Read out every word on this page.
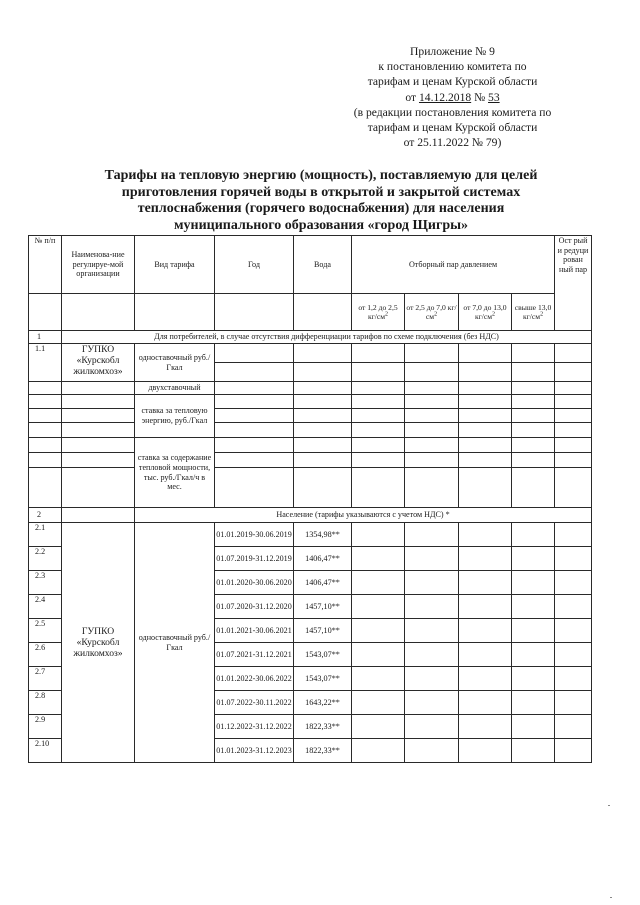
Приложение № 9
к постановлению комитета по
тарифам и ценам Курской области
от 14.12.2018 № 53
(в редакции постановления комитета по
тарифам и ценам Курской области
от 25.11.2022 № 79)
Тарифы на тепловую энергию (мощность), поставляемую для целей
приготовления горячей воды в открытой и закрытой системах
теплоснабжения (горячего водоснабжения) для населения
муниципального образования «город Щигры»
№ п/п	Наименова-ние регулируе-мой организации	Вид тарифа	Год	Вода	Отборный пар давлением				Ост рый и редуци рован ный пар
					от 1,2 до 2,5 $кг/см^2$	от 2,5 до 7,0 $кг/см^2$	от 7,0 до 13,0 $кг/см^2$	свыше 13,0 $кг/см^2$
1	Для потребителей, в случае отсутствия дифференциации тарифов по схеме подключения (без НДС)								
1.1	ГУПКО «Курскобл жилкомхоз»	одноставочный руб./Гкал							

		двухставочный							
		ставка за тепловую энергию, руб./Гкал							

		ставка за содержание тепловой мощности, тыс. руб./Гкал/ч в мес.							

2		Население (тарифы указываются с учетом НДС) *							
2.1	ГУПКО «Курскобл жилкомхоз»	одноставочный руб./Гкал	01.01.2019-30.06.2019	1354,98**					
2.2			01.07.2019-31.12.2019	1406,47**					
2.3			01.01.2020-30.06.2020	1406,47**					
2.4			01.07.2020-31.12.2020	1457,10**					
2.5			01.01.2021-30.06.2021	1457,10**					
2.6			01.07.2021-31.12.2021	1543,07**					
2.7			01.01.2022-30.06.2022	1543,07**					
2.8			01.07.2022-30.11.2022	1643,22**					
2.9			01.12.2022-31.12.2022	1822,33**					
2.10			01.01.2023-31.12.2023	1822,33**					
